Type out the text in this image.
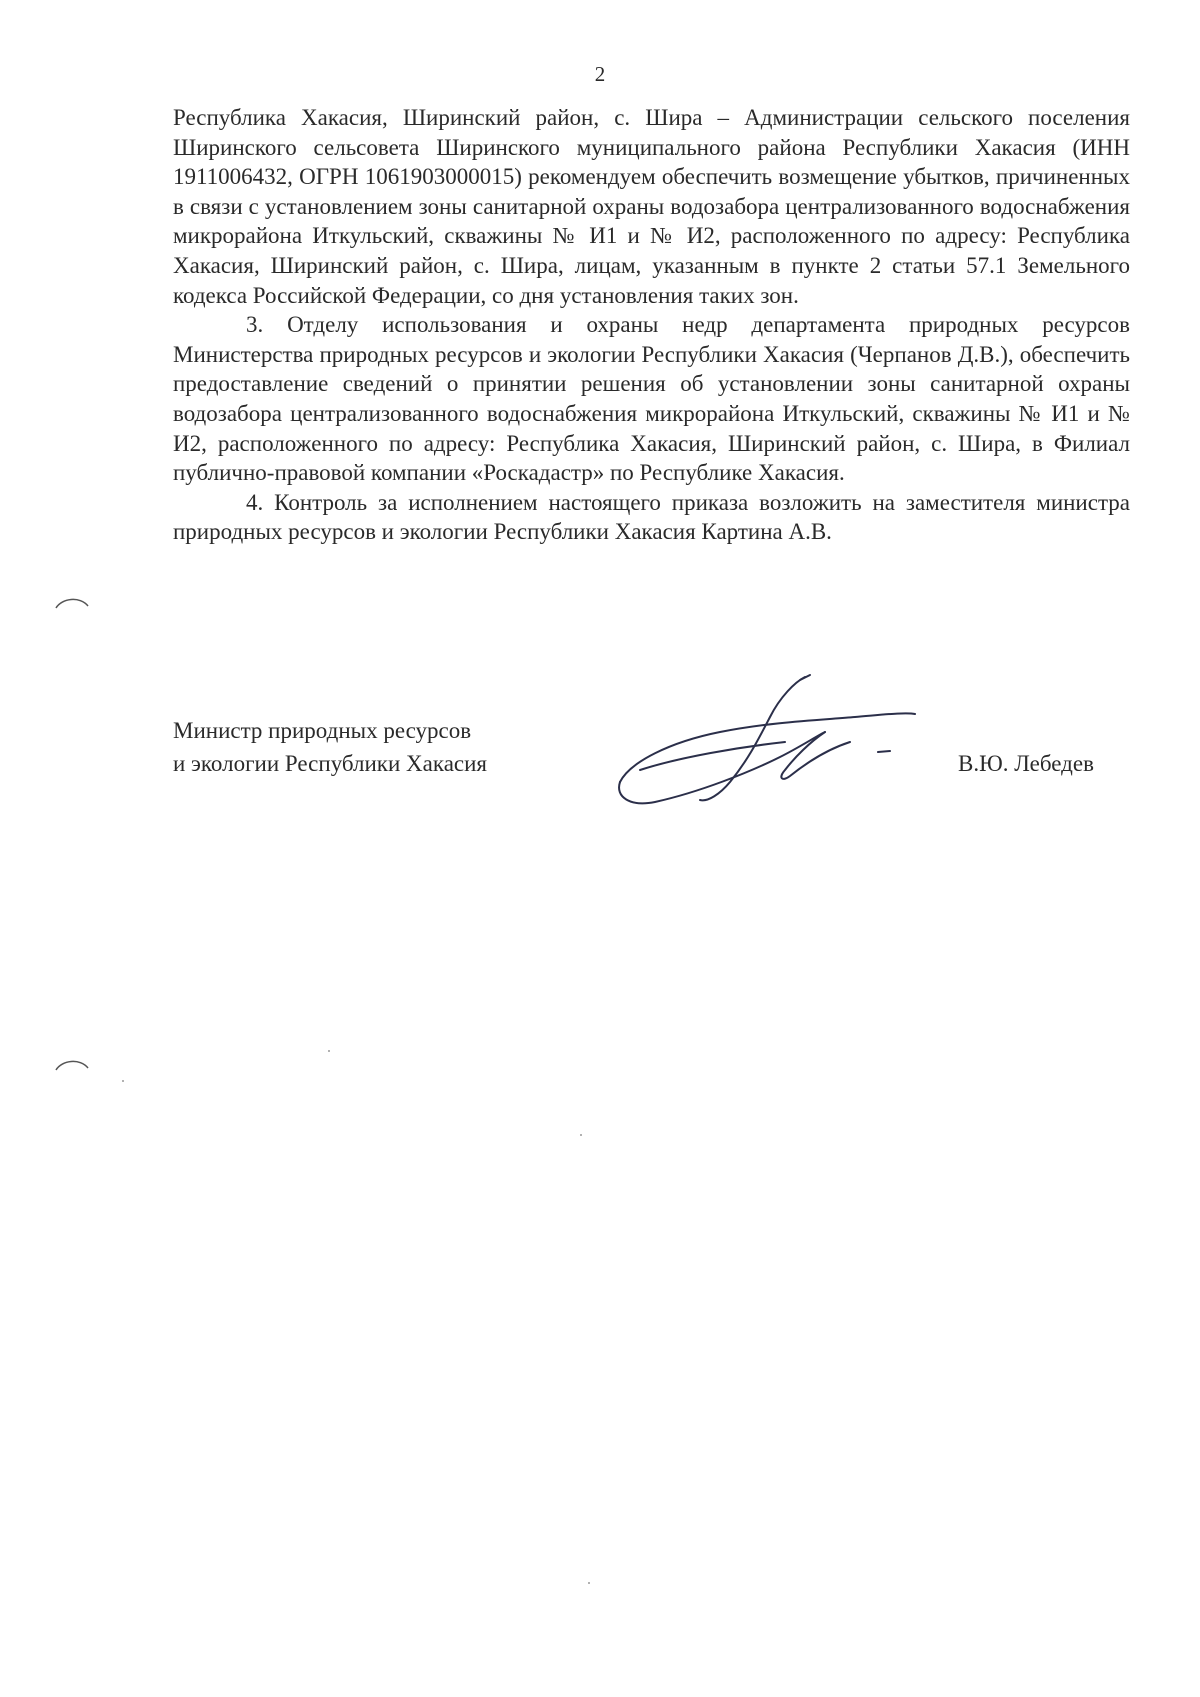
2

Республика Хакасия, Ширинский район, с. Шира – Администрации сельского поселения Ширинского сельсовета Ширинского муниципального района Республики Хакасия (ИНН 1911006432, ОГРН 1061903000015) рекомендуем обеспечить возмещение убытков, причиненных в связи с установлением зоны санитарной охраны водозабора централизованного водоснабжения микрорайона Иткульский, скважины № И1 и № И2, расположенного по адресу: Республика Хакасия, Ширинский район, с. Шира, лицам, указанным в пункте 2 статьи 57.1 Земельного кодекса Российской Федерации, со дня установления таких зон.

3. Отделу использования и охраны недр департамента природных ресурсов Министерства природных ресурсов и экологии Республики Хакасия (Черпанов Д.В.), обеспечить предоставление сведений о принятии решения об установлении зоны санитарной охраны водозабора централизованного водоснабжения микрорайона Иткульский, скважины № И1 и № И2, расположенного по адресу: Республика Хакасия, Ширинский район, с. Шира, в Филиал публично-правовой компании «Роскадастр» по Республике Хакасия.

4. Контроль за исполнением настоящего приказа возложить на заместителя министра природных ресурсов и экологии Республики Хакасия Картина А.В.

Министр природных ресурсов
и экологии Республики Хакасия	В.Ю. Лебедев
